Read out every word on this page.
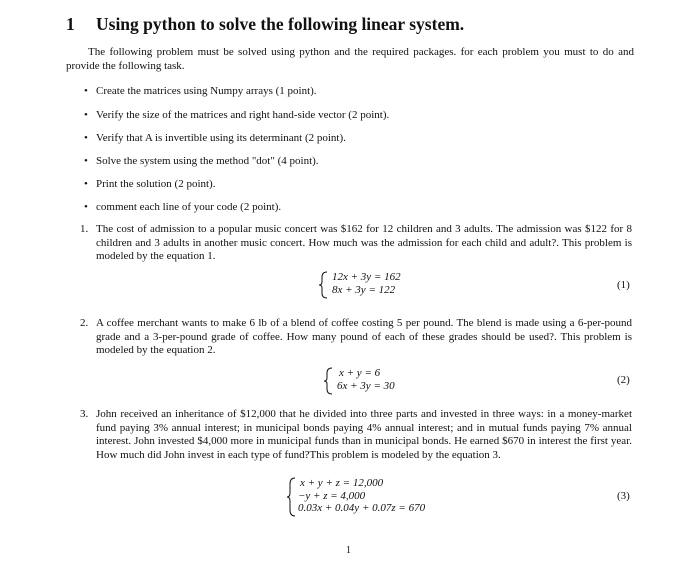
1 Using python to solve the following linear system.
The following problem must be solved using python and the required packages. for each problem you must to do and provide the following task.
• Create the matrices using Numpy arrays (1 point).
• Verify the size of the matrices and right hand-side vector (2 point).
• Verify that A is invertible using its determinant (2 point).
• Solve the system using the method "dot" (4 point).
• Print the solution (2 point).
• comment each line of your code (2 point).
1. The cost of admission to a popular music concert was $162 for 12 children and 3 adults. The admission was $122 for 8 children and 3 adults in another music concert. How much was the admission for each child and adult?. This problem is modeled by the equation 1.
12x + 3y = 162
8x + 3y = 122	(1)
2. A coffee merchant wants to make 6 lb of a blend of coffee costing 5 per pound. The blend is made using a 6-per-pound grade and a 3-per-pound grade of coffee. How many pound of each of these grades should be used?. This problem is modeled by the equation 2.
x + y = 6
6x + 3y = 30	(2)
3. John received an inheritance of $12,000 that he divided into three parts and invested in three ways: in a money-market fund paying 3% annual interest; in municipal bonds paying 4% annual interest; and in mutual funds paying 7% annual interest. John invested $4,000 more in municipal funds than in municipal bonds. He earned $670 in interest the first year. How much did John invest in each type of fund?This problem is modeled by the equation 3.
x + y + z = 12,000
−y + z = 4,000
0.03x + 0.04y + 0.07z = 670
(3)
1
